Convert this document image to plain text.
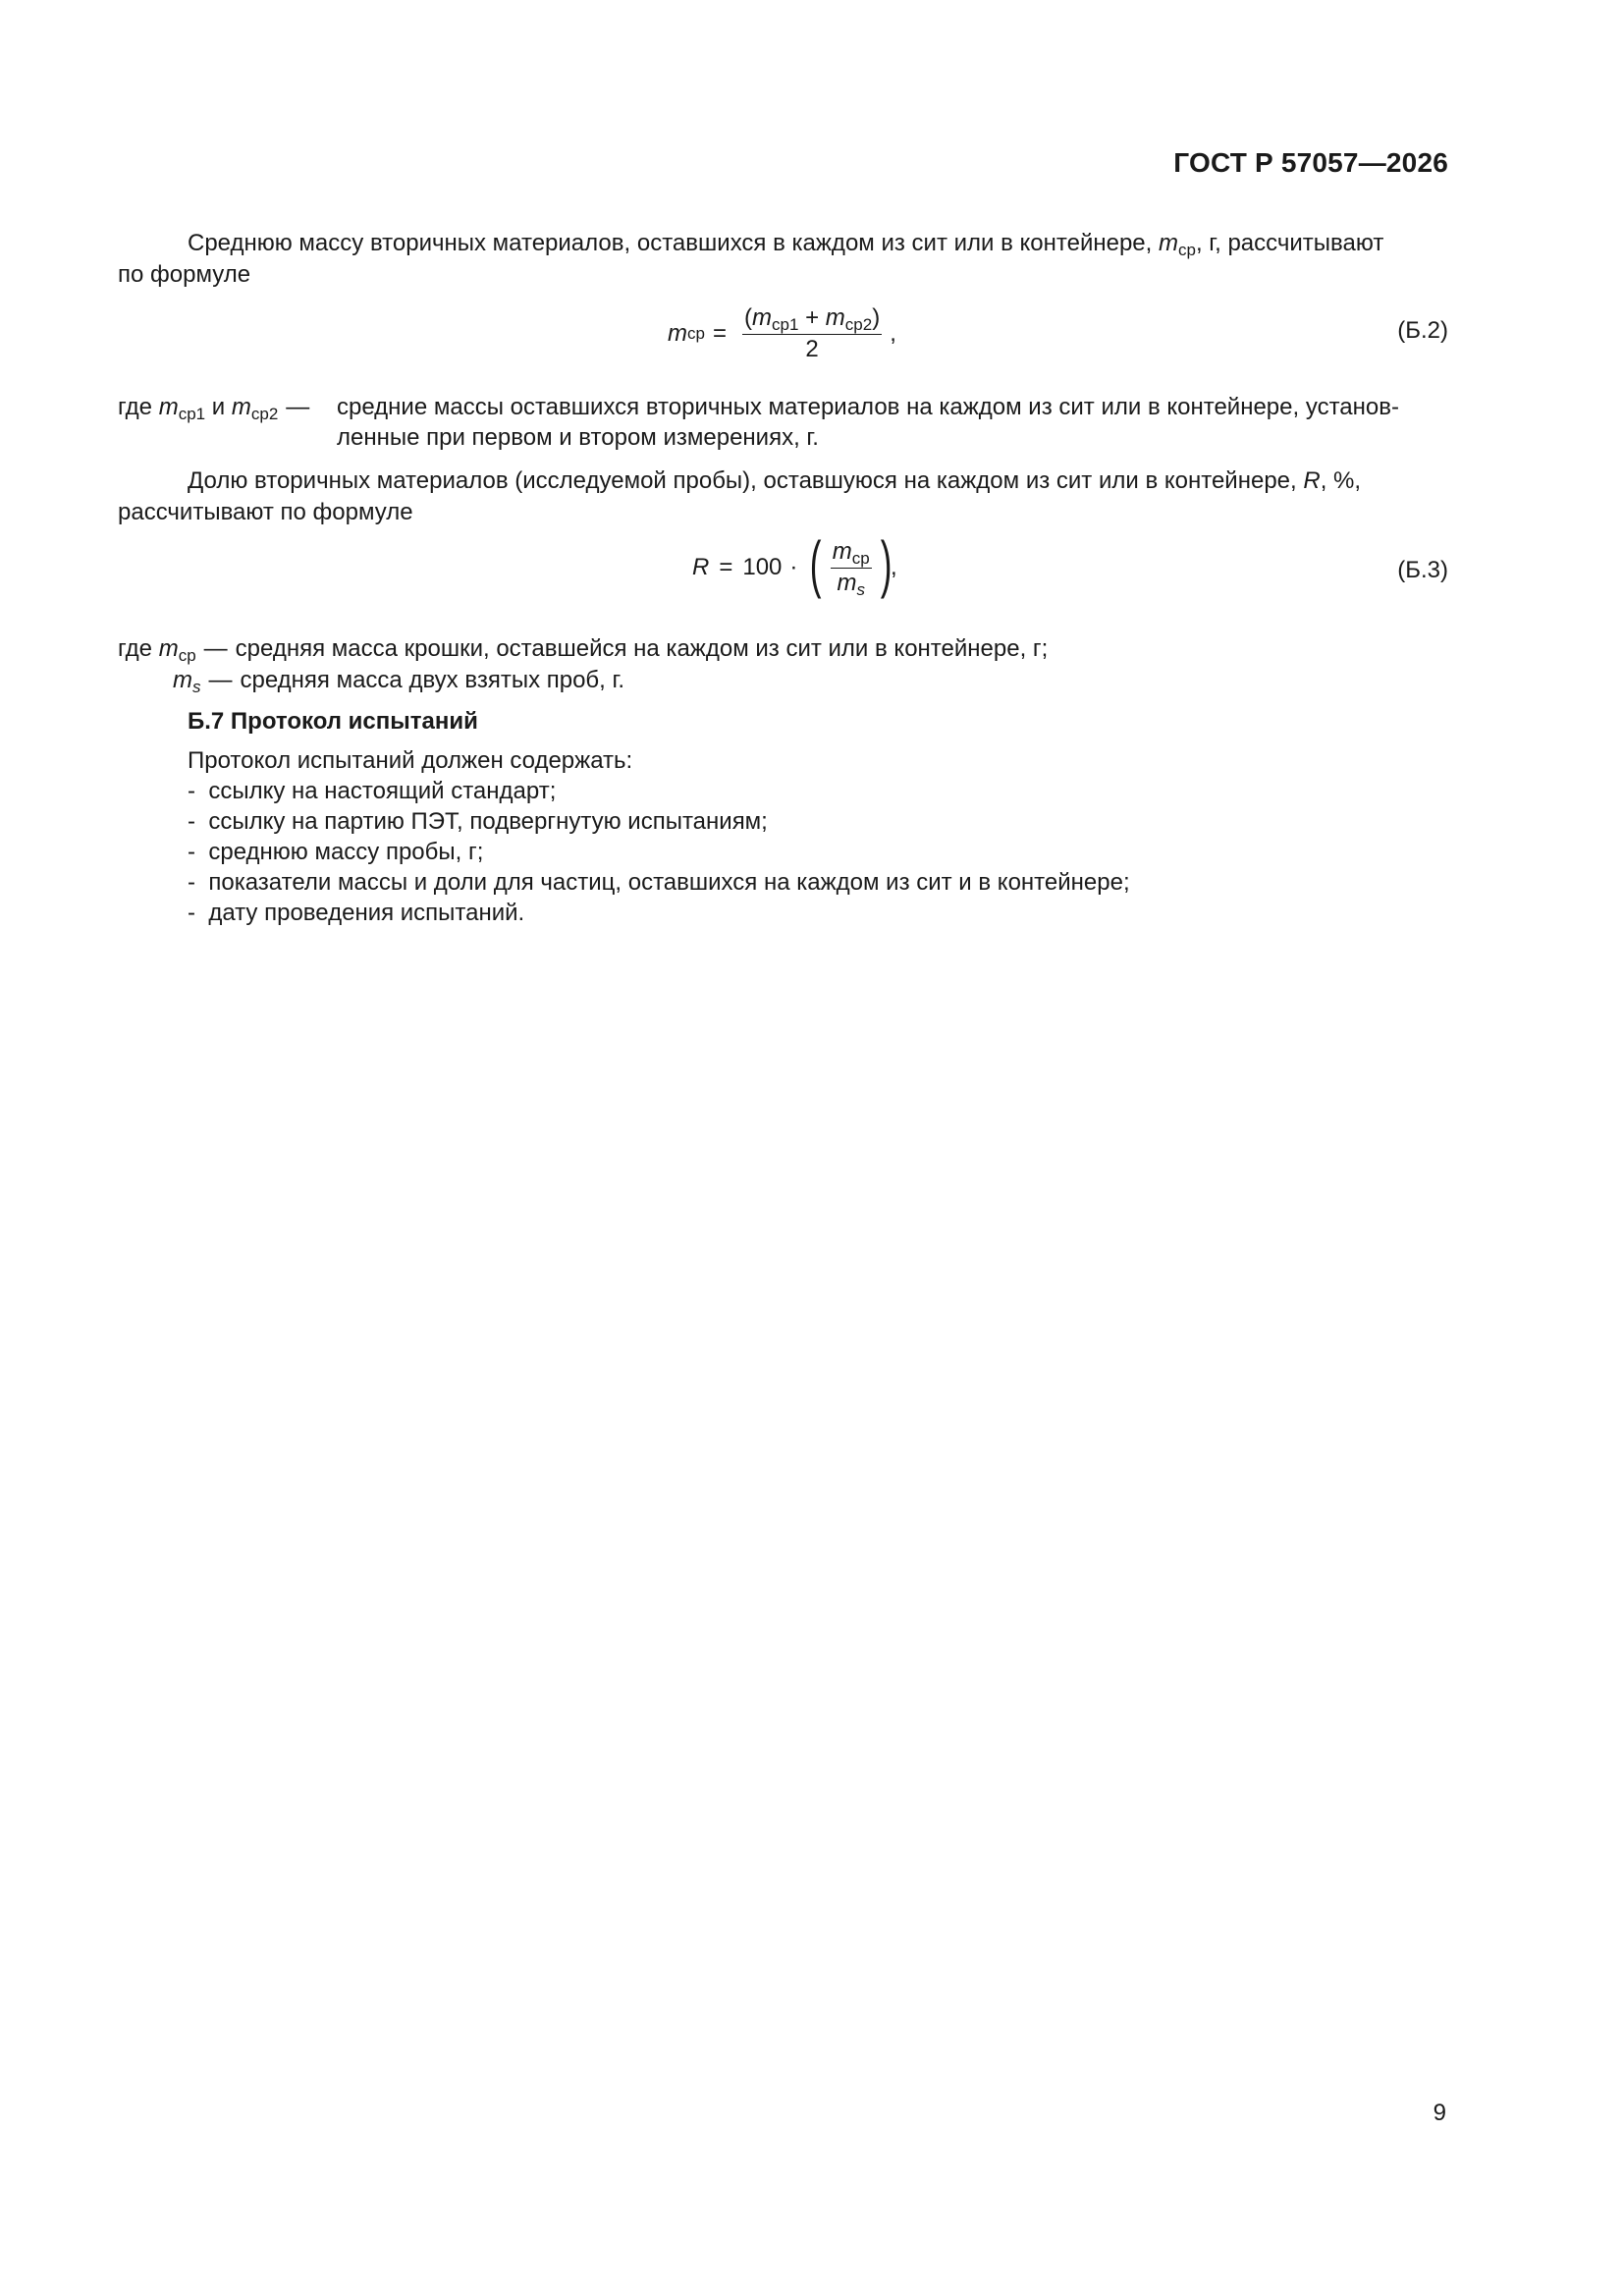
ГОСТ Р 57057—2026
Среднюю массу вторичных материалов, оставшихся в каждом из сит или в контейнере, $m_{ср}$, г, рассчитывают
по формуле
m ср = $\frac{(m_{ср1} + m_{ср2})}{2}$ ,	(Б.2)
где $m_{ср1}$ и $m_{ср2}$ —	средние массы оставшихся вторичных материалов на каждом из сит или в контейнере, установ-
ленные при первом и втором измерениях, г.
Долю вторичных материалов (исследуемой пробы), оставшуюся на каждом из сит или в контейнере, R, %,
рассчитывают по формуле
R = 100 · ( $\frac{m_{ср}}{m_s}$ )
,	(Б.3)
где $m_{ср}$ — средняя масса крошки, оставшейся на каждом из сит или в контейнере, г;
$m_s$ — средняя масса двух взятых проб, г.
Б.7 Протокол испытаний
Протокол испытаний должен содержать:
- ссылку на настоящий стандарт;
- ссылку на партию ПЭТ, подвергнутую испытаниям;
- среднюю массу пробы, г;
- показатели массы и доли для частиц, оставшихся на каждом из сит и в контейнере;
- дату проведения испытаний.
9
